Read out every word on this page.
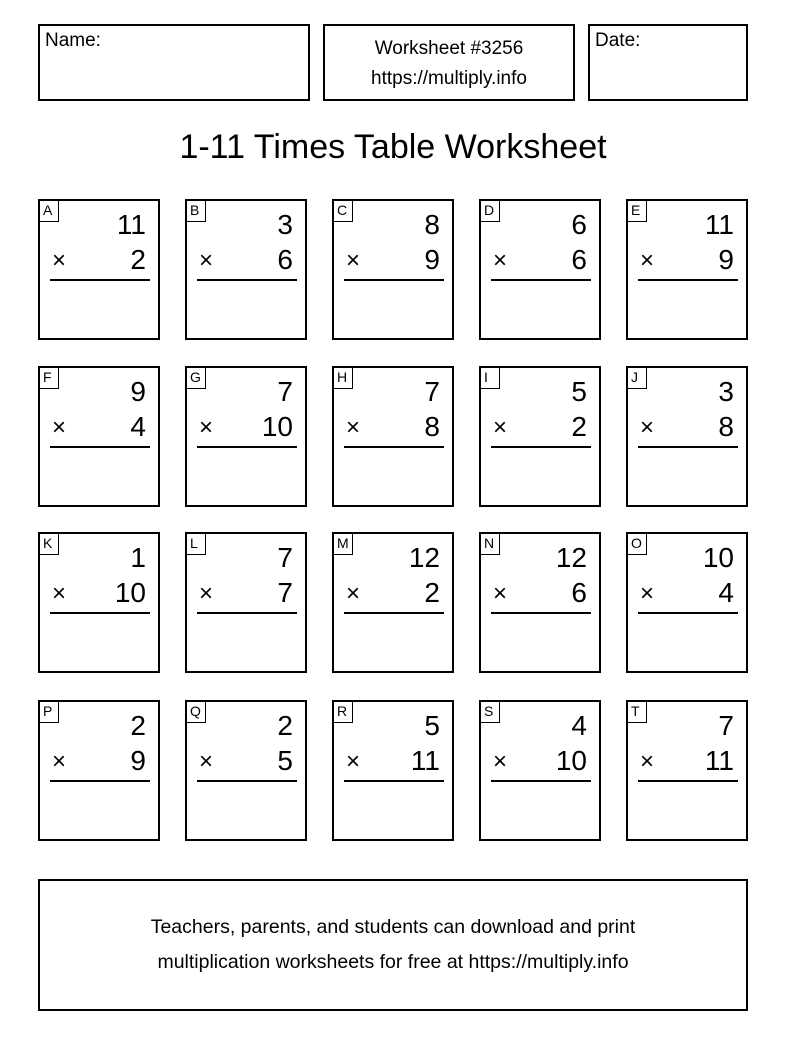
Name:	Worksheet #3256
https://multiply.info
Date:
1-11 Times Table Worksheet
A 11
× 2
B	3
× 6
C	8
× 9
D	6
× 6
E 11
× 9
F	9
× 4
G	7
× 10
H	7
× 8
I	5
× 2
J	3
× 8
K	1
× 10
L	7
× 7
M 12
× 2
N 12
× 6
O 10
× 4
P	2
× 9
Q	2
× 5
R	5
× 11
S	4
× 10
T	7
× 11
Teachers, parents, and students can download and print
multiplication worksheets for free at https://multiply.info
